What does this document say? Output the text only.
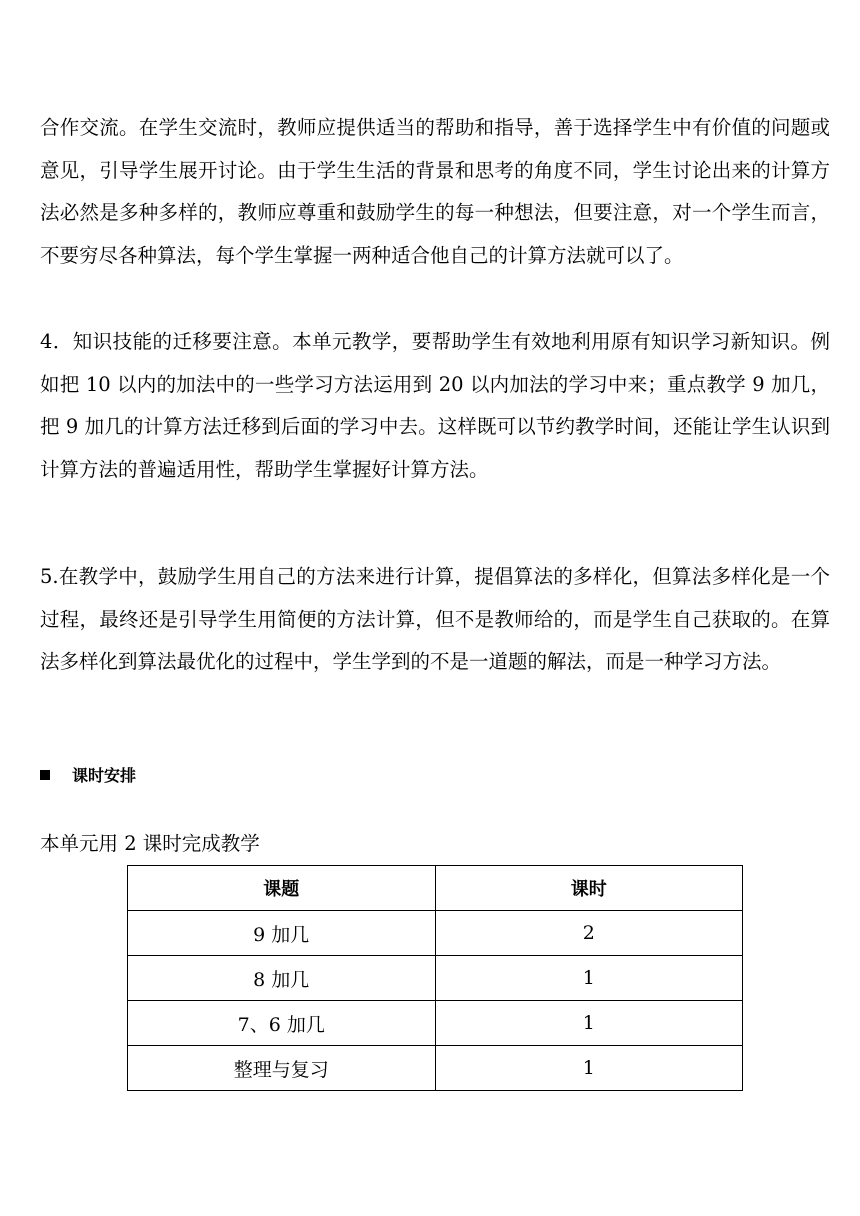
合作交流。在学生交流时，教师应提供适当的帮助和指导，善于选择学生中有价值的问题或意见，引导学生展开讨论。由于学生生活的背景和思考的角度不同，学生讨论出来的计算方法必然是多种多样的，教师应尊重和鼓励学生的每一种想法，但要注意，对一个学生而言，不要穷尽各种算法，每个学生掌握一两种适合他自己的计算方法就可以了。
4．知识技能的迁移要注意。本单元教学，要帮助学生有效地利用原有知识学习新知识。例如把 10 以内的加法中的一些学习方法运用到 20 以内加法的学习中来；重点教学 9 加几，把 9 加几的计算方法迁移到后面的学习中去。这样既可以节约教学时间，还能让学生认识到计算方法的普遍适用性，帮助学生掌握好计算方法。
5.在教学中，鼓励学生用自己的方法来进行计算，提倡算法的多样化，但算法多样化是一个过程，最终还是引导学生用简便的方法计算，但不是教师给的，而是学生自己获取的。在算法多样化到算法最优化的过程中，学生学到的不是一道题的解法，而是一种学习方法。
课时安排
本单元用 2 课时完成教学
课题	课时
9 加几	2
8 加几	1
7、6 加几	1
整理与复习	1
